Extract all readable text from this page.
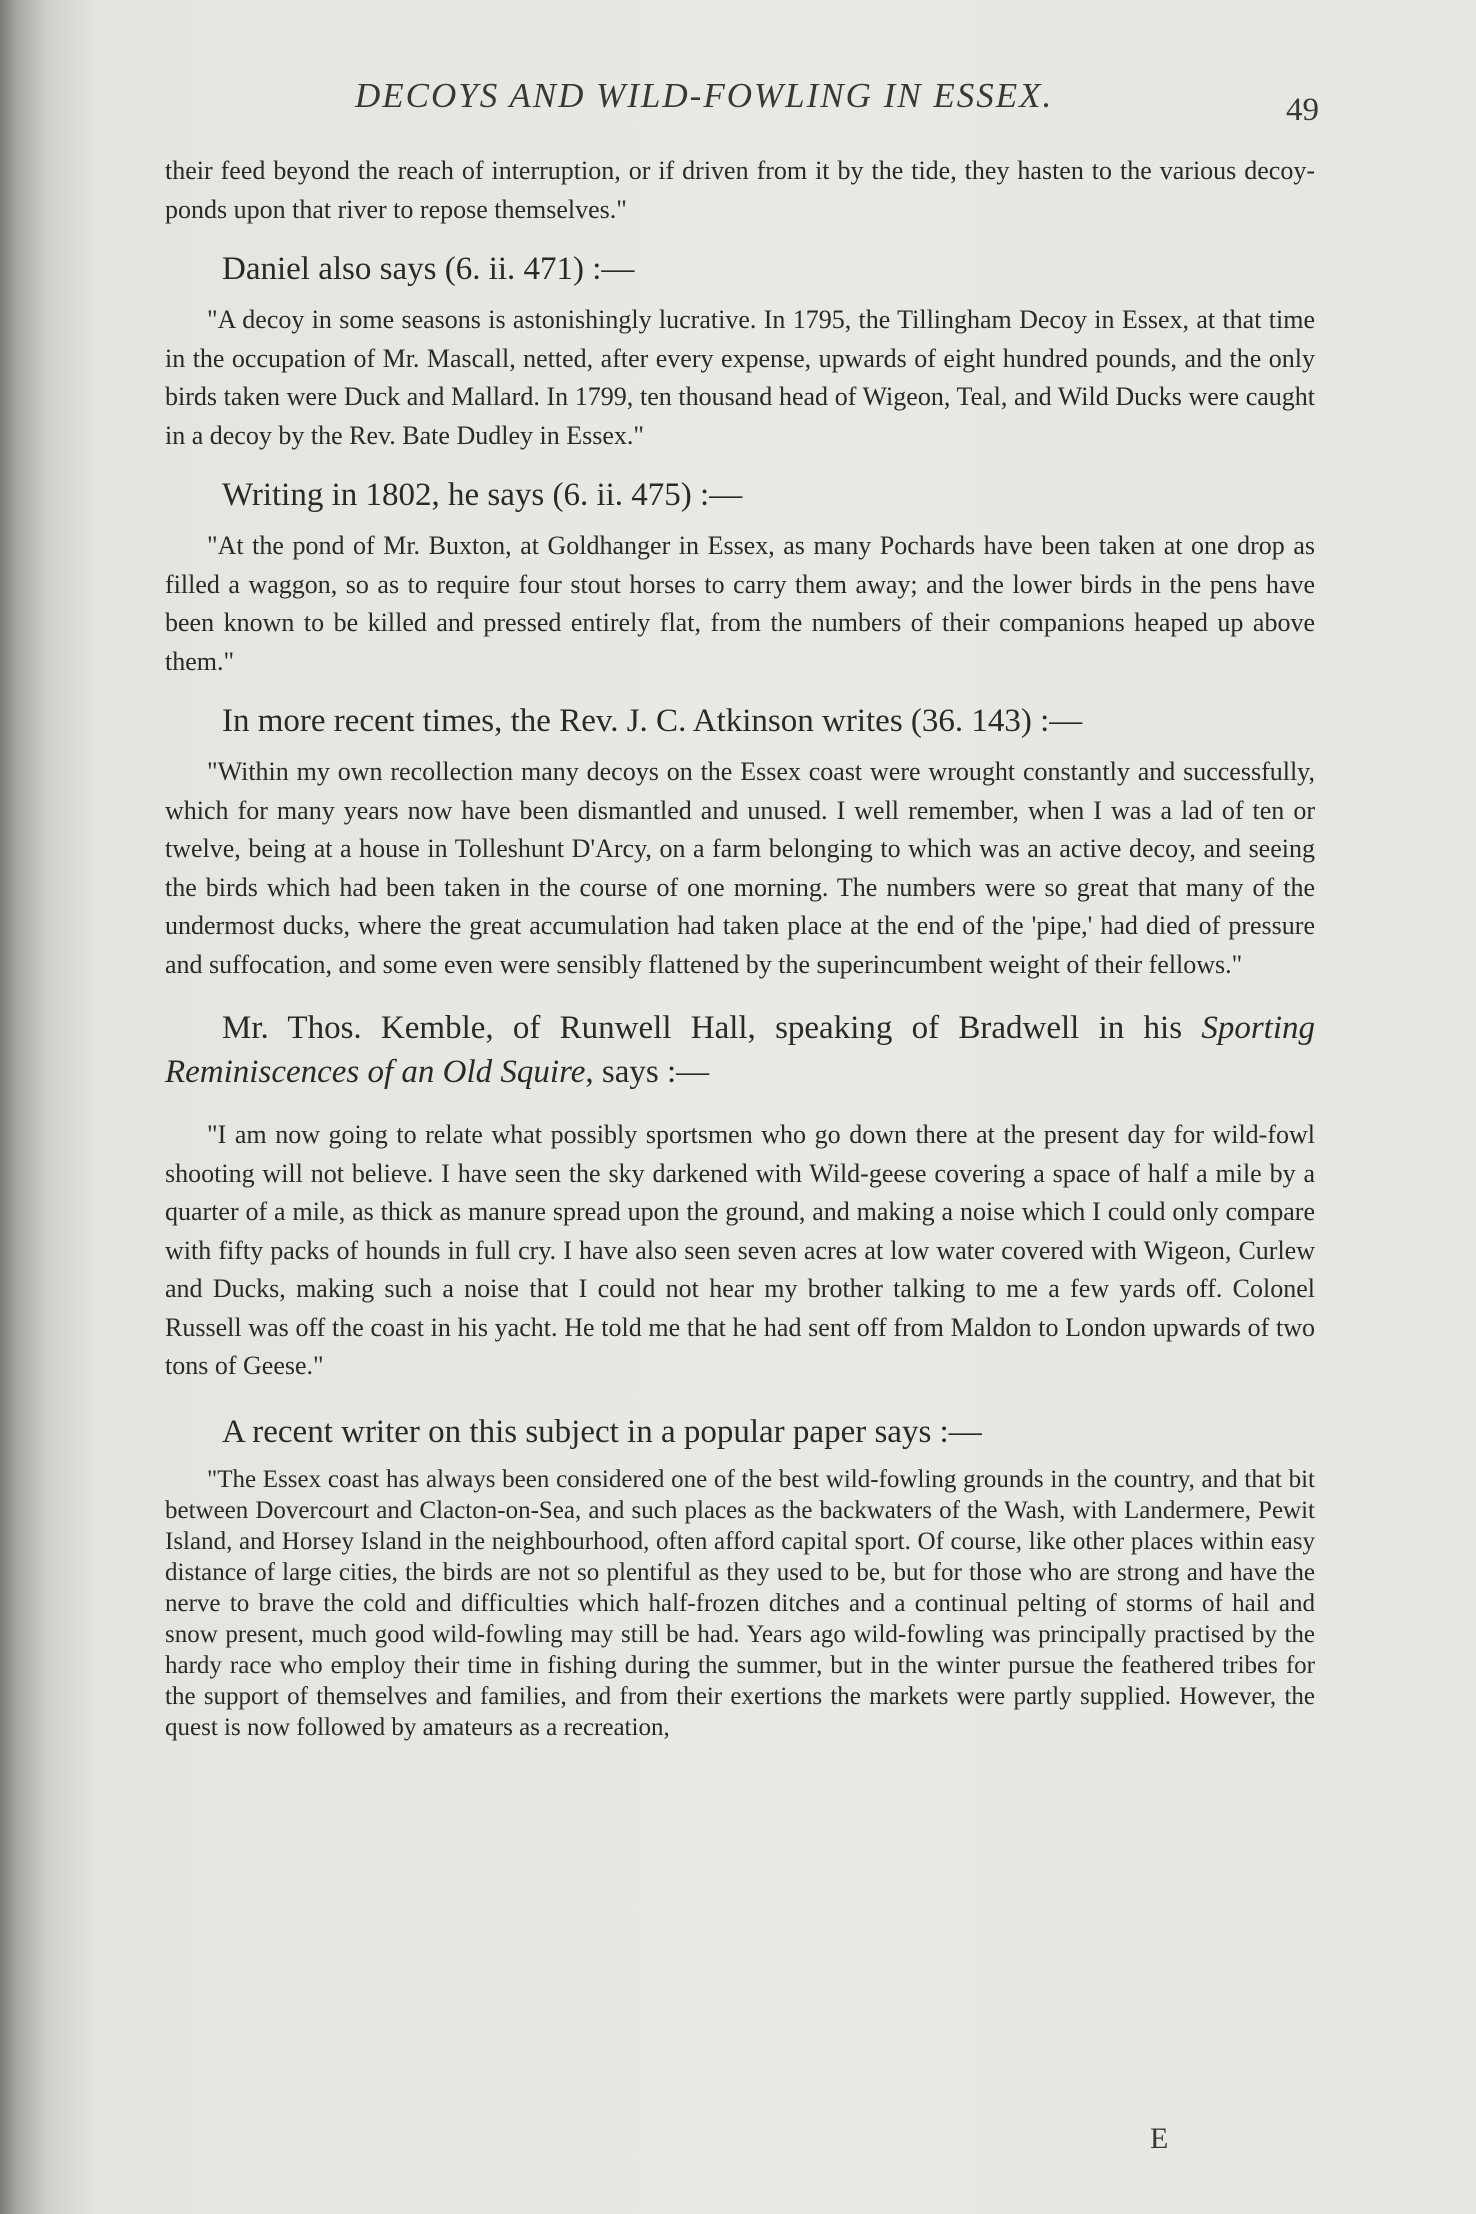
DECOYS AND WILD-FOWLING IN ESSEX.	49

their feed beyond the reach of interruption, or if driven from it by the tide, they hasten to the various decoy-ponds upon that river to repose themselves."

Daniel also says (6. ii. 471) :—

"A decoy in some seasons is astonishingly lucrative. In 1795, the Tillingham Decoy in Essex, at that time in the occupation of Mr. Mascall, netted, after every expense, upwards of eight hundred pounds, and the only birds taken were Duck and Mallard. In 1799, ten thousand head of Wigeon, Teal, and Wild Ducks were caught in a decoy by the Rev. Bate Dudley in Essex."

Writing in 1802, he says (6. ii. 475) :—

"At the pond of Mr. Buxton, at Goldhanger in Essex, as many Pochards have been taken at one drop as filled a waggon, so as to require four stout horses to carry them away; and the lower birds in the pens have been known to be killed and pressed entirely flat, from the numbers of their companions heaped up above them."

In more recent times, the Rev. J. C. Atkinson writes (36. 143) :—

"Within my own recollection many decoys on the Essex coast were wrought constantly and successfully, which for many years now have been dismantled and unused. I well remember, when I was a lad of ten or twelve, being at a house in Tolleshunt D'Arcy, on a farm belonging to which was an active decoy, and seeing the birds which had been taken in the course of one morning. The numbers were so great that many of the undermost ducks, where the great accumulation had taken place at the end of the 'pipe,' had died of pressure and suffocation, and some even were sensibly flattened by the superincumbent weight of their fellows."

Mr. Thos. Kemble, of Runwell Hall, speaking of Bradwell in his Sporting Reminiscences of an Old Squire, says :—

"I am now going to relate what possibly sportsmen who go down there at the present day for wild-fowl shooting will not believe. I have seen the sky darkened with Wild-geese covering a space of half a mile by a quarter of a mile, as thick as manure spread upon the ground, and making a noise which I could only compare with fifty packs of hounds in full cry. I have also seen seven acres at low water covered with Wigeon, Curlew and Ducks, making such a noise that I could not hear my brother talking to me a few yards off. Colonel Russell was off the coast in his yacht. He told me that he had sent off from Maldon to London upwards of two tons of Geese."

A recent writer on this subject in a popular paper says :—

"The Essex coast has always been considered one of the best wild-fowling grounds in the country, and that bit between Dovercourt and Clacton-on-Sea, and such places as the backwaters of the Wash, with Landermere, Pewit Island, and Horsey Island in the neighbourhood, often afford capital sport. Of course, like other places within easy distance of large cities, the birds are not so plentiful as they used to be, but for those who are strong and have the nerve to brave the cold and difficulties which half-frozen ditches and a continual pelting of storms of hail and snow present, much good wild-fowling may still be had. Years ago wild-fowling was principally practised by the hardy race who employ their time in fishing during the summer, but in the winter pursue the feathered tribes for the support of themselves and families, and from their exertions the markets were partly supplied. However, the quest is now followed by amateurs as a recreation,

E
